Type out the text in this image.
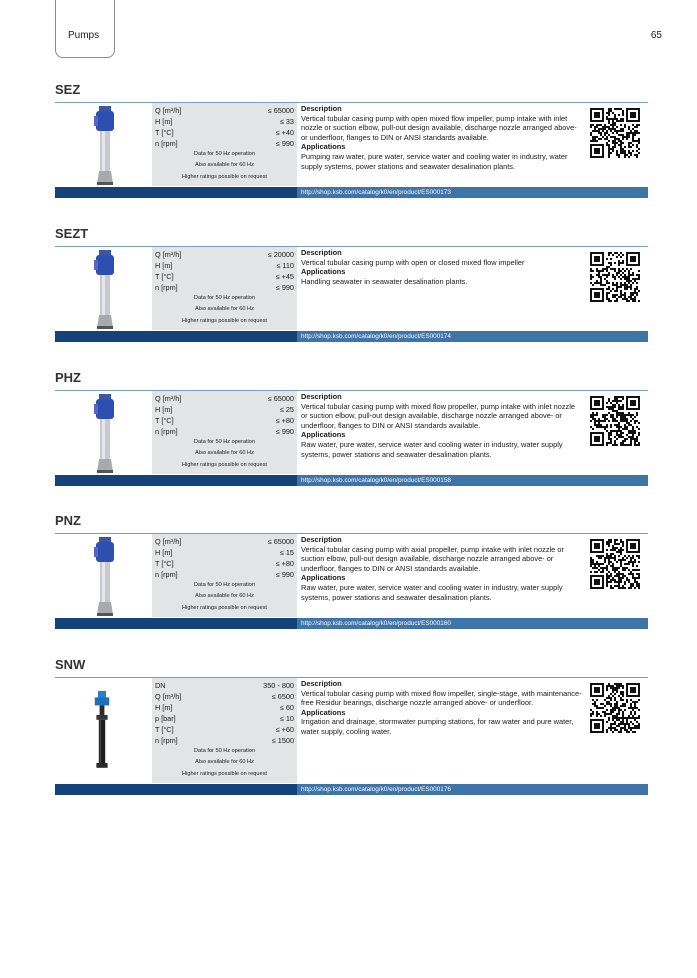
Pumps	65
SEZ
Q [m³/h]	≤ 65000
H [m]	≤ 33
T [°C]	≤ +40
n [rpm]	≤ 990
Data for 50 Hz operation
Also available for 60 Hz
Higher ratings possible on request
Description
Vertical tubular casing pump with open mixed flow impeller, pump intake with inlet nozzle or suction elbow, pull-out design available, discharge nozzle arranged above- or underfloor, flanges to DIN or ANSI standards available.
Applications
Pumping raw water, pure water, service water and cooling water in industry, water supply systems, power stations and seawater desalination plants.
http://shop.ksb.com/catalog/k0/en/product/ES000173
SEZT
Q [m³/h]	≤ 20000
H [m]	≤ 110
T [°C]	≤ +45
n [rpm]	≤ 990
Data for 50 Hz operation
Also available for 60 Hz
Higher ratings possible on request
Description
Vertical tubular casing pump with open or closed mixed flow impeller
Applications
Handling seawater in seawater desalination plants.
http://shop.ksb.com/catalog/k0/en/product/ES000174
PHZ
Q [m³/h]	≤ 65000
H [m]	≤ 25
T [°C]	≤ +80
n [rpm]	≤ 990
Data for 50 Hz operation
Also available for 60 Hz
Higher ratings possible on request
Description
Vertical tubular casing pump with mixed flow propeller, pump intake with inlet nozzle or suction elbow, pull-out design available, discharge nozzle arranged above- or underfloor, flanges to DIN or ANSI standards available.
Applications
Raw water, pure water, service water and cooling water in industry, water supply systems, power stations and seawater desalination plants.
http://shop.ksb.com/catalog/k0/en/product/ES000158
PNZ
Q [m³/h]	≤ 65000
H [m]	≤ 15
T [°C]	≤ +80
n [rpm]	≤ 990
Data for 50 Hz operation
Also available for 60 Hz
Higher ratings possible on request
Description
Vertical tubular casing pump with axial propeller, pump intake with inlet nozzle or suction elbow, pull-out design available, discharge nozzle arranged above- or underfloor, flanges to DIN or ANSI standards available.
Applications
Raw water, pure water, service water and cooling water in industry, water supply systems, power stations and seawater desalination plants.
http://shop.ksb.com/catalog/k0/en/product/ES000160
SNW
DN	350 - 800
Q [m³/h]	≤ 6500
H [m]	≤ 60
p [bar]	≤ 10
T [°C]	≤ +60
n [rpm]	≤ 1500
Data for 50 Hz operation
Also available for 60 Hz
Higher ratings possible on request
Description
Vertical tubular casing pump with mixed flow impeller, single-stage, with maintenance-free Residur bearings, discharge nozzle arranged above- or underfloor.
Applications
Irrigation and drainage, stormwater pumping stations, for raw water and pure water, water supply, cooling water.
http://shop.ksb.com/catalog/k0/en/product/ES000176
